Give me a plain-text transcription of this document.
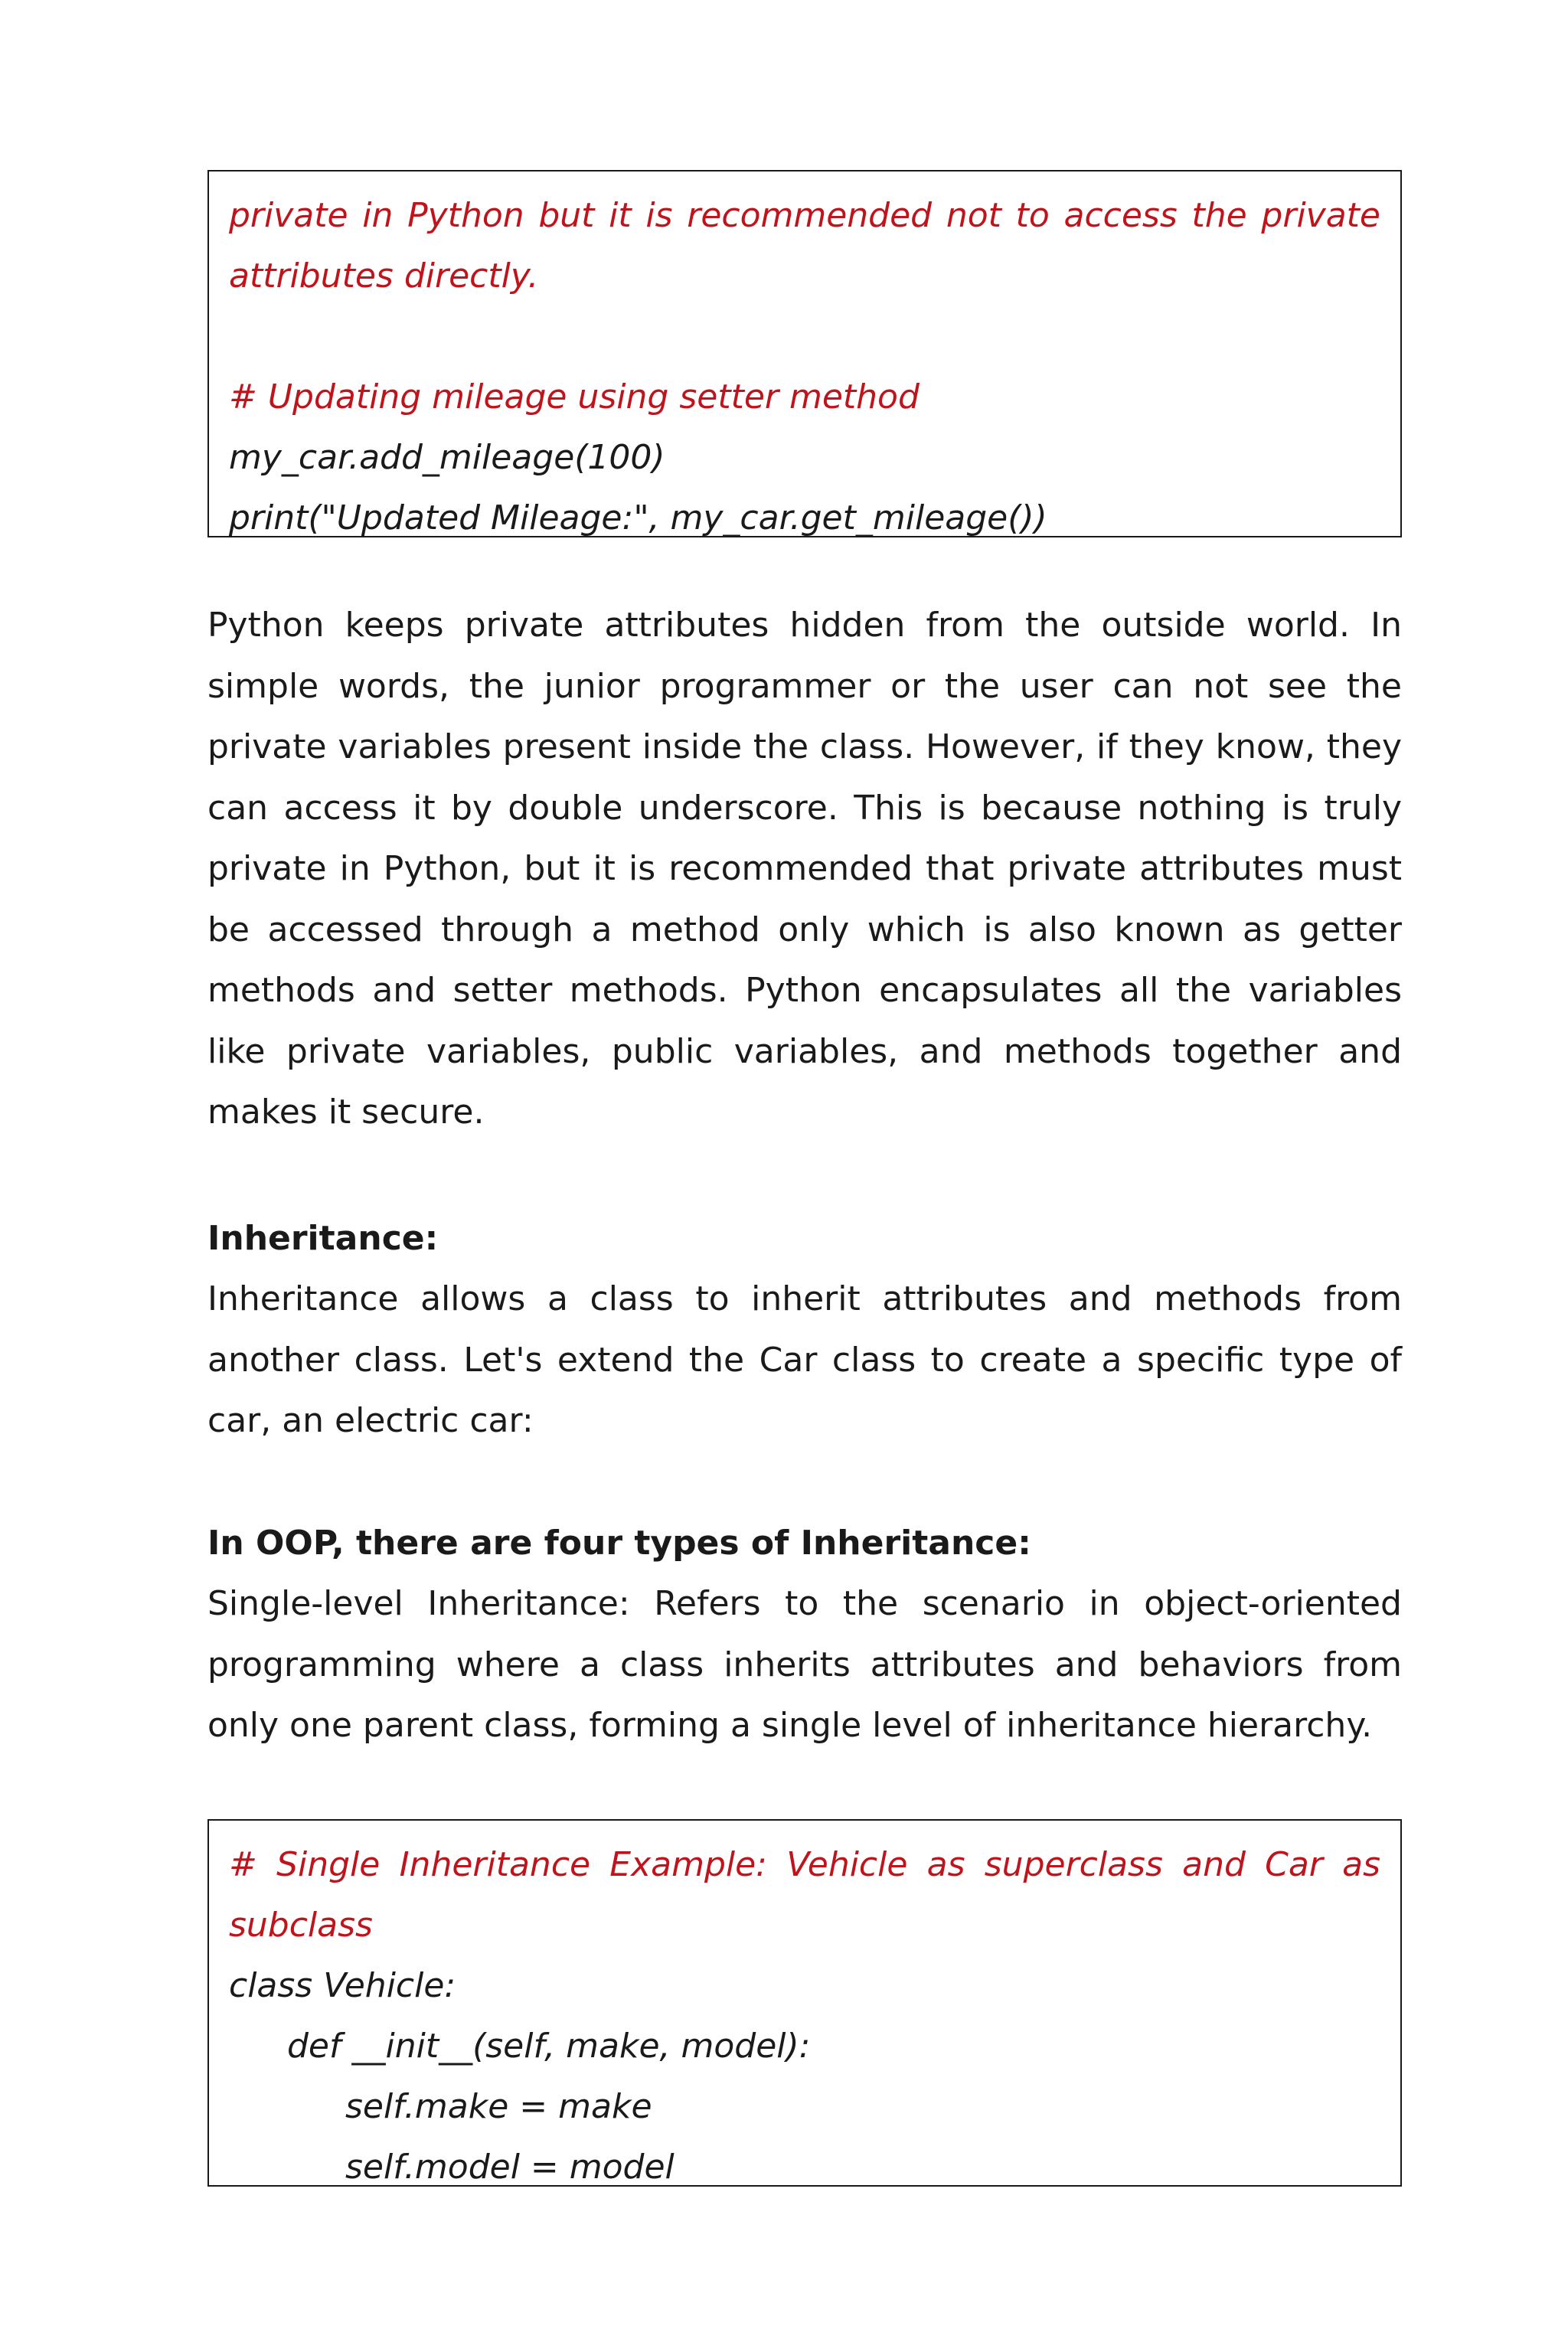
private in Python but it is recommended not to access the private attributes directly.
# Updating mileage using setter method
my_car.add_mileage(100)
print("Updated Mileage:", my_car.get_mileage())

Python keeps private attributes hidden from the outside world. In simple words, the junior programmer or the user can not see the private variables present inside the class. However, if they know, they can access it by double underscore. This is because nothing is truly private in Python, but it is recommended that private attributes must be accessed through a method only which is also known as getter methods and setter methods. Python encapsulates all the variables like private variables, public variables, and methods together and makes it secure.

Inheritance:

Inheritance allows a class to inherit attributes and methods from another class. Let's extend the Car class to create a specific type of car, an electric car:

In OOP, there are four types of Inheritance:

Single-level Inheritance: Refers to the scenario in object-oriented programming where a class inherits attributes and behaviors from only one parent class, forming a single level of inheritance hierarchy.

# Single Inheritance Example: Vehicle as superclass and Car as subclass
class Vehicle:
def __init__(self, make, model):
self.make = make
self.model = model
